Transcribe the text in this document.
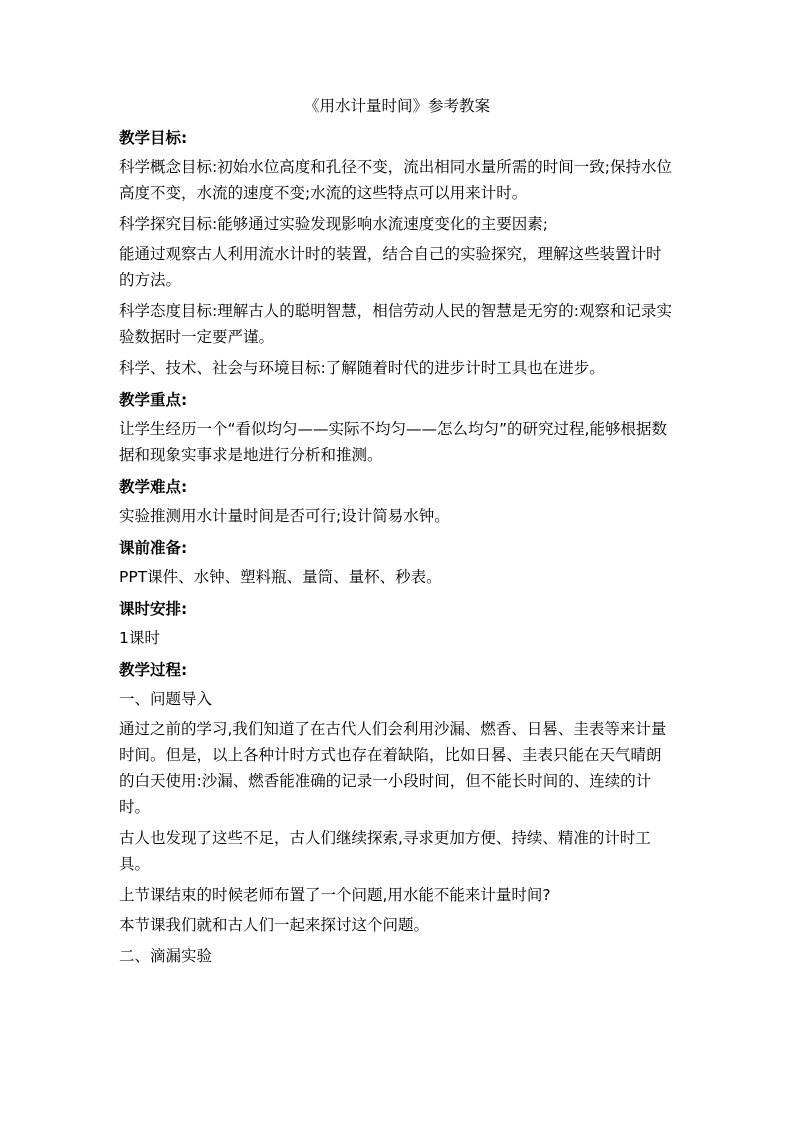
《用水计量时间》参考教案

教学目标:

科学概念目标:初始水位高度和孔径不变，流出相同水量所需的时间一致;保持水位高度不变，水流的速度不变;水流的这些特点可以用来计时。

科学探究目标:能够通过实验发现影响水流速度变化的主要因素;

能通过观察古人利用流水计时的装置，结合自己的实验探究，理解这些装置计时的方法。

科学态度目标:理解古人的聪明智慧，相信劳动人民的智慧是无穷的:观察和记录实验数据时一定要严谨。

科学、技术、社会与环境目标:了解随着时代的进步计时工具也在进步。

教学重点:

让学生经历一个“看似均匀——实际不均匀——怎么均匀”的研究过程,能够根据数据和现象实事求是地进行分析和推测。

教学难点:

实验推测用水计量时间是否可行;设计简易水钟。

课前准备:

PPT课件、水钟、塑料瓶、量筒、量杯、秒表。

课时安排:

1课时

教学过程:

一、问题导入

通过之前的学习,我们知道了在古代人们会利用沙漏、燃香、日晷、圭表等来计量时间。但是，以上各种计时方式也存在着缺陷，比如日晷、圭表只能在天气晴朗的白天使用:沙漏、燃香能准确的记录一小段时间，但不能长时间的、连续的计时。

古人也发现了这些不足，古人们继续探索,寻求更加方便、持续、精准的计时工具。

上节课结束的时候老师布置了一个问题,用水能不能来计量时间?

本节课我们就和古人们一起来探讨这个问题。

二、滴漏实验
